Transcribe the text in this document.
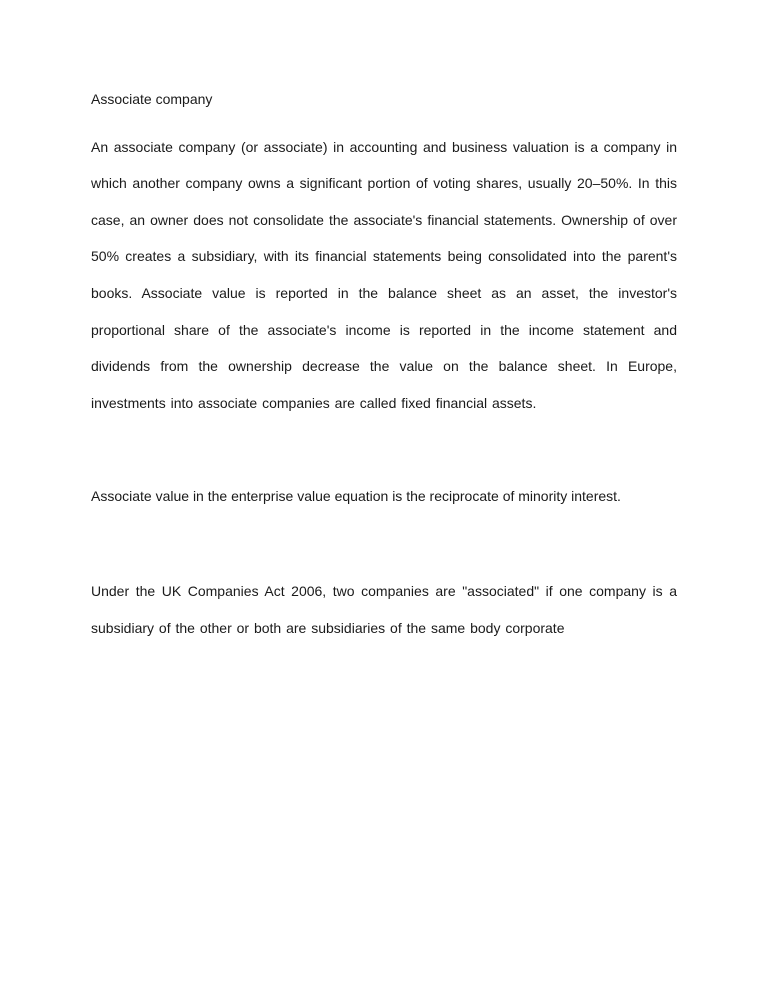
Associate company

An associate company (or associate) in accounting and business valuation is a company in which another company owns a significant portion of voting shares, usually 20–50%. In this case, an owner does not consolidate the associate's financial statements. Ownership of over 50% creates a subsidiary, with its financial statements being consolidated into the parent's books. Associate value is reported in the balance sheet as an asset, the investor's proportional share of the associate's income is reported in the income statement and dividends from the ownership decrease the value on the balance sheet. In Europe, investments into associate companies are called fixed financial assets.

Associate value in the enterprise value equation is the reciprocate of minority interest.

Under the UK Companies Act 2006, two companies are "associated" if one company is a subsidiary of the other or both are subsidiaries of the same body corporate
